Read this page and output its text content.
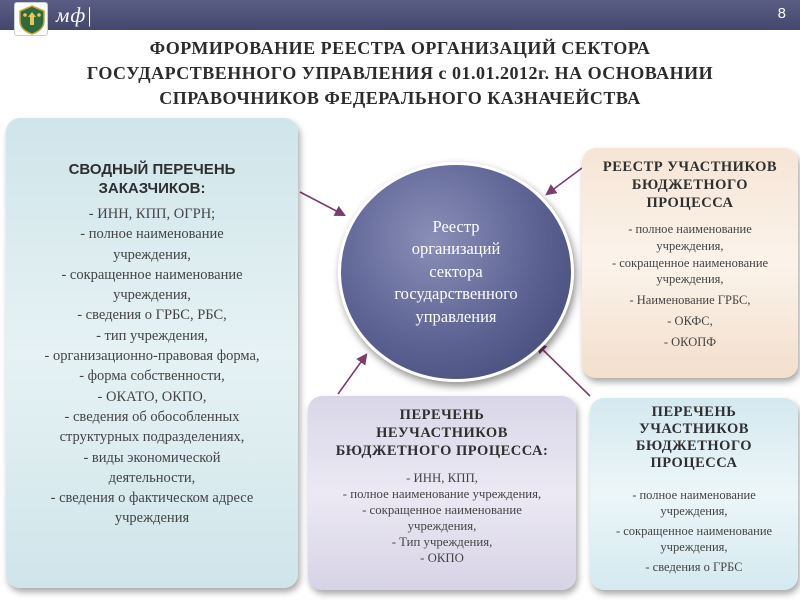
мф|	8
ФОРМИРОВАНИЕ РЕЕСТРА ОРГАНИЗАЦИЙ СЕКТОРА
ГОСУДАРСТВЕННОГО УПРАВЛЕНИЯ с 01.01.2012г. НА ОСНОВАНИИ
СПРАВОЧНИКОВ ФЕДЕРАЛЬНОГО КАЗНАЧЕЙСТВА
СВОДНЫЙ ПЕРЕЧЕНЬ
ЗАКАЗЧИКОВ:
- ИНН, КПП, ОГРН;
- полное наименование
учреждения,
- сокращенное наименование
учреждения,
- сведения о ГРБС, РБС,
- тип учреждения,
- организационно-правовая форма,
- форма собственности,
- ОКАТО, ОКПО,
- сведения об обособленных
структурных подразделениях,
- виды экономической
деятельности,
- сведения о фактическом адресе
учреждения
Реестр
организаций
сектора
государственного
управления
РЕЕСТР УЧАСТНИКОВ
БЮДЖЕТНОГО
ПРОЦЕССА
- полное наименование
учреждения,
- сокращенное наименование
учреждения,
- Наименование ГРБС,
- ОКФС,
- ОКОПФ
ПЕРЕЧЕНЬ
НЕУЧАСТНИКОВ
БЮДЖЕТНОГО ПРОЦЕССА:
- ИНН, КПП,
- полное наименование учреждения,
- сокращенное наименование
учреждения,
- Тип учреждения,
- ОКПО
ПЕРЕЧЕНЬ
УЧАСТНИКОВ
БЮДЖЕТНОГО
ПРОЦЕССА
- полное наименование
учреждения,
- сокращенное наименование
учреждения,
- сведения о ГРБС
